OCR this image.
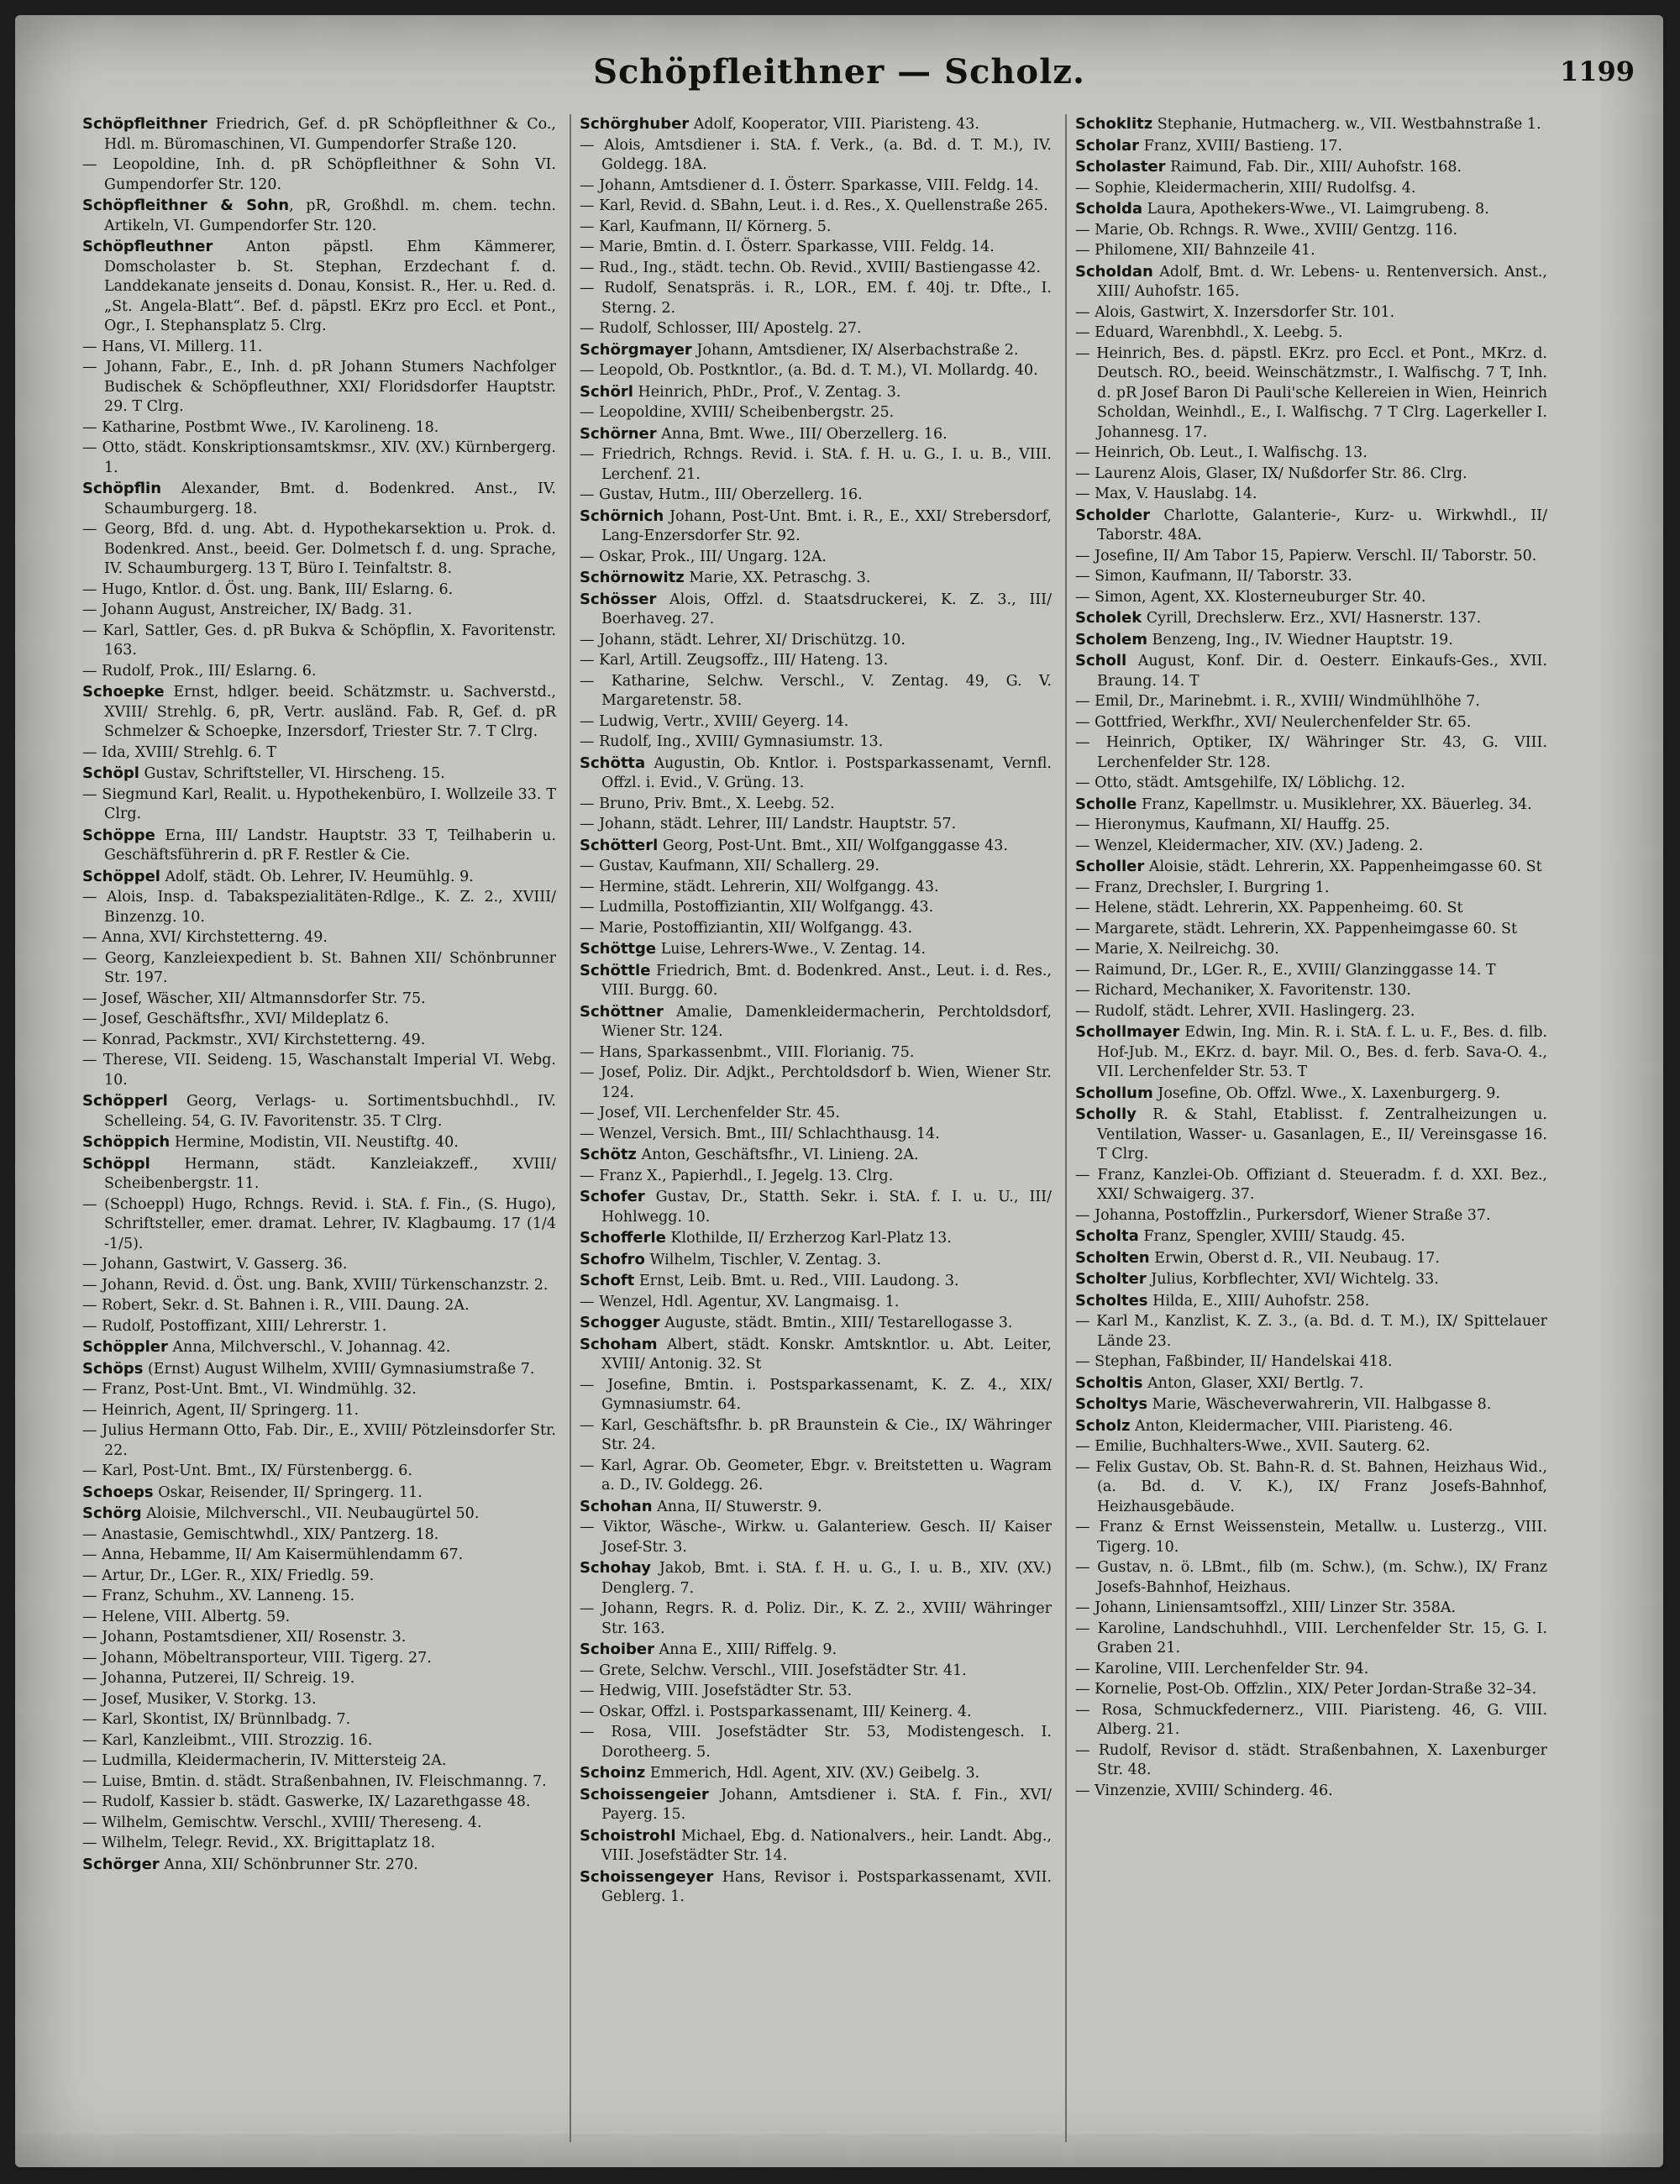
Schöpfleithner — Scholz.	1199
Schöpfleithner Friedrich, Gef. d. pR Schöpfleithner & Co., Hdl. m. Büromaschinen, VI. Gumpendorfer Straße 120.
— Leopoldine, Inh. d. pR Schöpfleithner & Sohn VI. Gumpendorfer Str. 120.
Schöpfleithner & Sohn, pR, Großhdl. m. chem. techn. Artikeln, VI. Gumpendorfer Str. 120.
Schöpfleuthner Anton päpstl. Ehm Kämmerer, Domscholaster b. St. Stephan, Erzdechant f. d. Landdekanate jenseits d. Donau, Konsist. R., Her. u. Red. d. „St. Angela-Blatt“. Bef. d. päpstl. EKrz pro Eccl. et Pont., Ogr., I. Stephansplatz 5. Clrg.
— Hans, VI. Millerg. 11.
— Johann, Fabr., E., Inh. d. pR Johann Stumers Nachfolger Budischek & Schöpfleuthner, XXI/ Floridsdorfer Hauptstr. 29. T Clrg.
— Katharine, Postbmt Wwe., IV. Karolineng. 18.
— Otto, städt. Konskriptionsamtskmsr., XIV. (XV.) Kürnbergerg. 1.
Schöpflin Alexander, Bmt. d. Bodenkred. Anst., IV. Schaumburgerg. 18.
— Georg, Bfd. d. ung. Abt. d. Hypothekarsektion u. Prok. d. Bodenkred. Anst., beeid. Ger. Dolmetsch f. d. ung. Sprache, IV. Schaumburgerg. 13 T, Büro I. Teinfaltstr. 8.
— Hugo, Kntlor. d. Öst. ung. Bank, III/ Eslarng. 6.
— Johann August, Anstreicher, IX/ Badg. 31.
— Karl, Sattler, Ges. d. pR Bukva & Schöpflin, X. Favoritenstr. 163.
— Rudolf, Prok., III/ Eslarng. 6.
Schoepke Ernst, hdlger. beeid. Schätzmstr. u. Sachverstd., XVIII/ Strehlg. 6, pR, Vertr. ausländ. Fab. R, Gef. d. pR Schmelzer & Schoepke, Inzersdorf, Triester Str. 7. T Clrg.
— Ida, XVIII/ Strehlg. 6. T
Schöpl Gustav, Schriftsteller, VI. Hirscheng. 15.
— Siegmund Karl, Realit. u. Hypothekenbüro, I. Wollzeile 33. T Clrg.
Schöppe Erna, III/ Landstr. Hauptstr. 33 T, Teilhaberin u. Geschäftsführerin d. pR F. Restler & Cie.
Schöppel Adolf, städt. Ob. Lehrer, IV. Heumühlg. 9.
— Alois, Insp. d. Tabakspezialitäten-Rdlge., K. Z. 2., XVIII/ Binzenzg. 10.
— Anna, XVI/ Kirchstetterng. 49.
— Georg, Kanzleiexpedient b. St. Bahnen XII/ Schönbrunner Str. 197.
— Josef, Wäscher, XII/ Altmannsdorfer Str. 75.
— Josef, Geschäftsfhr., XVI/ Mildeplatz 6.
— Konrad, Packmstr., XVI/ Kirchstetterng. 49.
— Therese, VII. Seideng. 15, Waschanstalt Imperial VI. Webg. 10.
Schöpperl Georg, Verlags- u. Sortimentsbuchhdl., IV. Schelleing. 54, G. IV. Favoritenstr. 35. T Clrg.
Schöppich Hermine, Modistin, VII. Neustiftg. 40.
Schöppl Hermann, städt. Kanzleiakzeff., XVIII/ Scheibenbergstr. 11.
— (Schoeppl) Hugo, Rchngs. Revid. i. StA. f. Fin., (S. Hugo), Schriftsteller, emer. dramat. Lehrer, IV. Klagbaumg. 17 (1/4 -1/5).
— Johann, Gastwirt, V. Gasserg. 36.
— Johann, Revid. d. Öst. ung. Bank, XVIII/ Türkenschanzstr. 2.
— Robert, Sekr. d. St. Bahnen i. R., VIII. Daung. 2A.
— Rudolf, Postoffizant, XIII/ Lehrerstr. 1.
Schöppler Anna, Milchverschl., V. Johannag. 42.
Schöps (Ernst) August Wilhelm, XVIII/ Gymnasiumstraße 7.
— Franz, Post-Unt. Bmt., VI. Windmühlg. 32.
— Heinrich, Agent, II/ Springerg. 11.
— Julius Hermann Otto, Fab. Dir., E., XVIII/ Pötzleinsdorfer Str. 22.
— Karl, Post-Unt. Bmt., IX/ Fürstenbergg. 6.
Schoeps Oskar, Reisender, II/ Springerg. 11.
Schörg Aloisie, Milchverschl., VII. Neubaugürtel 50.
— Anastasie, Gemischtwhdl., XIX/ Pantzerg. 18.
— Anna, Hebamme, II/ Am Kaisermühlendamm 67.
— Artur, Dr., LGer. R., XIX/ Friedlg. 59.
— Franz, Schuhm., XV. Lanneng. 15.
— Helene, VIII. Albertg. 59.
— Johann, Postamtsdiener, XII/ Rosenstr. 3.
— Johann, Möbeltransporteur, VIII. Tigerg. 27.
— Johanna, Putzerei, II/ Schreig. 19.
— Josef, Musiker, V. Storkg. 13.
— Karl, Skontist, IX/ Brünnlbadg. 7.
— Karl, Kanzleibmt., VIII. Strozzig. 16.
— Ludmilla, Kleidermacherin, IV. Mittersteig 2A.
— Luise, Bmtin. d. städt. Straßenbahnen, IV. Fleischmanng. 7.
— Rudolf, Kassier b. städt. Gaswerke, IX/ Lazarethgasse 48.
— Wilhelm, Gemischtw. Verschl., XVIII/ Thereseng. 4.
— Wilhelm, Telegr. Revid., XX. Brigittaplatz 18.
Schörger Anna, XII/ Schönbrunner Str. 270.
Schörghuber Adolf, Kooperator, VIII. Piaristeng. 43.
— Alois, Amtsdiener i. StA. f. Verk., (a. Bd. d. T. M.), IV. Goldegg. 18A.
— Johann, Amtsdiener d. I. Österr. Sparkasse, VIII. Feldg. 14.
— Karl, Revid. d. SBahn, Leut. i. d. Res., X. Quellenstraße 265.
— Karl, Kaufmann, II/ Körnerg. 5.
— Marie, Bmtin. d. I. Österr. Sparkasse, VIII. Feldg. 14.
— Rud., Ing., städt. techn. Ob. Revid., XVIII/ Bastiengasse 42.
— Rudolf, Senatspräs. i. R., LOR., EM. f. 40j. tr. Dfte., I. Sterng. 2.
— Rudolf, Schlosser, III/ Apostelg. 27.
Schörgmayer Johann, Amtsdiener, IX/ Alserbachstraße 2.
— Leopold, Ob. Postkntlor., (a. Bd. d. T. M.), VI. Mollardg. 40.
Schörl Heinrich, PhDr., Prof., V. Zentag. 3.
— Leopoldine, XVIII/ Scheibenbergstr. 25.
Schörner Anna, Bmt. Wwe., III/ Oberzellerg. 16.
— Friedrich, Rchngs. Revid. i. StA. f. H. u. G., I. u. B., VIII. Lerchenf. 21.
— Gustav, Hutm., III/ Oberzellerg. 16.
Schörnich Johann, Post-Unt. Bmt. i. R., E., XXI/ Strebersdorf, Lang-Enzersdorfer Str. 92.
— Oskar, Prok., III/ Ungarg. 12A.
Schörnowitz Marie, XX. Petraschg. 3.
Schösser Alois, Offzl. d. Staatsdruckerei, K. Z. 3., III/ Boerhaveg. 27.
— Johann, städt. Lehrer, XI/ Drischützg. 10.
— Karl, Artill. Zeugsoffz., III/ Hateng. 13.
— Katharine, Selchw. Verschl., V. Zentag. 49, G. V. Margaretenstr. 58.
— Ludwig, Vertr., XVIII/ Geyerg. 14.
— Rudolf, Ing., XVIII/ Gymnasiumstr. 13.
Schötta Augustin, Ob. Kntlor. i. Postsparkassenamt, Vernfl. Offzl. i. Evid., V. Grüng. 13.
— Bruno, Priv. Bmt., X. Leebg. 52.
— Johann, städt. Lehrer, III/ Landstr. Hauptstr. 57.
Schötterl Georg, Post-Unt. Bmt., XII/ Wolfganggasse 43.
— Gustav, Kaufmann, XII/ Schallerg. 29.
— Hermine, städt. Lehrerin, XII/ Wolfgangg. 43.
— Ludmilla, Postoffiziantin, XII/ Wolfgangg. 43.
— Marie, Postoffiziantin, XII/ Wolfgangg. 43.
Schöttge Luise, Lehrers-Wwe., V. Zentag. 14.
Schöttle Friedrich, Bmt. d. Bodenkred. Anst., Leut. i. d. Res., VIII. Burgg. 60.
Schöttner Amalie, Damenkleidermacherin, Perchtoldsdorf, Wiener Str. 124.
— Hans, Sparkassenbmt., VIII. Florianig. 75.
— Josef, Poliz. Dir. Adjkt., Perchtoldsdorf b. Wien, Wiener Str. 124.
— Josef, VII. Lerchenfelder Str. 45.
— Wenzel, Versich. Bmt., III/ Schlachthausg. 14.
Schötz Anton, Geschäftsfhr., VI. Linieng. 2A.
— Franz X., Papierhdl., I. Jegelg. 13. Clrg.
Schofer Gustav, Dr., Statth. Sekr. i. StA. f. I. u. U., III/ Hohlwegg. 10.
Schofferle Klothilde, II/ Erzherzog Karl-Platz 13.
Schofro Wilhelm, Tischler, V. Zentag. 3.
Schoft Ernst, Leib. Bmt. u. Red., VIII. Laudong. 3.
— Wenzel, Hdl. Agentur, XV. Langmaisg. 1.
Schogger Auguste, städt. Bmtin., XIII/ Testarellogasse 3.
Schoham Albert, städt. Konskr. Amtskntlor. u. Abt. Leiter, XVIII/ Antonig. 32. St
— Josefine, Bmtin. i. Postsparkassenamt, K. Z. 4., XIX/ Gymnasiumstr. 64.
— Karl, Geschäftsfhr. b. pR Braunstein & Cie., IX/ Währinger Str. 24.
— Karl, Agrar. Ob. Geometer, Ebgr. v. Breitstetten u. Wagram a. D., IV. Goldegg. 26.
Schohan Anna, II/ Stuwerstr. 9.
— Viktor, Wäsche-, Wirkw. u. Galanteriew. Gesch. II/ Kaiser Josef-Str. 3.
Schohay Jakob, Bmt. i. StA. f. H. u. G., I. u. B., XIV. (XV.) Denglerg. 7.
— Johann, Regrs. R. d. Poliz. Dir., K. Z. 2., XVIII/ Währinger Str. 163.
Schoiber Anna E., XIII/ Riffelg. 9.
— Grete, Selchw. Verschl., VIII. Josefstädter Str. 41.
— Hedwig, VIII. Josefstädter Str. 53.
— Oskar, Offzl. i. Postsparkassenamt, III/ Keinerg. 4.
— Rosa, VIII. Josefstädter Str. 53, Modistengesch. I. Dorotheerg. 5.
Schoinz Emmerich, Hdl. Agent, XIV. (XV.) Geibelg. 3.
Schoissengeier Johann, Amtsdiener i. StA. f. Fin., XVI/ Payerg. 15.
Schoistrohl Michael, Ebg. d. Nationalvers., heir. Landt. Abg., VIII. Josefstädter Str. 14.
Schoissengeyer Hans, Revisor i. Postsparkassenamt, XVII. Geblerg. 1.
Schoklitz Stephanie, Hutmacherg. w., VII. Westbahnstraße 1.
Scholar Franz, XVIII/ Bastieng. 17.
Scholaster Raimund, Fab. Dir., XIII/ Auhofstr. 168.
— Sophie, Kleidermacherin, XIII/ Rudolfsg. 4.
Scholda Laura, Apothekers-Wwe., VI. Laimgrubeng. 8.
— Marie, Ob. Rchngs. R. Wwe., XVIII/ Gentzg. 116.
— Philomene, XII/ Bahnzeile 41.
Scholdan Adolf, Bmt. d. Wr. Lebens- u. Rentenversich. Anst., XIII/ Auhofstr. 165.
— Alois, Gastwirt, X. Inzersdorfer Str. 101.
— Eduard, Warenbhdl., X. Leebg. 5.
— Heinrich, Bes. d. päpstl. EKrz. pro Eccl. et Pont., MKrz. d. Deutsch. RO., beeid. Weinschätzmstr., I. Walfischg. 7 T, Inh. d. pR Josef Baron Di Pauli'sche Kellereien in Wien, Heinrich Scholdan, Weinhdl., E., I. Walfischg. 7 T Clrg. Lagerkeller I. Johannesg. 17.
— Heinrich, Ob. Leut., I. Walfischg. 13.
— Laurenz Alois, Glaser, IX/ Nußdorfer Str. 86. Clrg.
— Max, V. Hauslabg. 14.
Scholder Charlotte, Galanterie-, Kurz- u. Wirkwhdl., II/ Taborstr. 48A.
— Josefine, II/ Am Tabor 15, Papierw. Verschl. II/ Taborstr. 50.
— Simon, Kaufmann, II/ Taborstr. 33.
— Simon, Agent, XX. Klosterneuburger Str. 40.
Scholek Cyrill, Drechslerw. Erz., XVI/ Hasnerstr. 137.
Scholem Benzeng, Ing., IV. Wiedner Hauptstr. 19.
Scholl August, Konf. Dir. d. Oesterr. Einkaufs-Ges., XVII. Braung. 14. T
— Emil, Dr., Marinebmt. i. R., XVIII/ Windmühlhöhe 7.
— Gottfried, Werkfhr., XVI/ Neulerchenfelder Str. 65.
— Heinrich, Optiker, IX/ Währinger Str. 43, G. VIII. Lerchenfelder Str. 128.
— Otto, städt. Amtsgehilfe, IX/ Löblichg. 12.
Scholle Franz, Kapellmstr. u. Musiklehrer, XX. Bäuerleg. 34.
— Hieronymus, Kaufmann, XI/ Hauffg. 25.
— Wenzel, Kleidermacher, XIV. (XV.) Jadeng. 2.
Scholler Aloisie, städt. Lehrerin, XX. Pappenheimgasse 60. St
— Franz, Drechsler, I. Burgring 1.
— Helene, städt. Lehrerin, XX. Pappenheimg. 60. St
— Margarete, städt. Lehrerin, XX. Pappenheimgasse 60. St
— Marie, X. Neilreichg. 30.
— Raimund, Dr., LGer. R., E., XVIII/ Glanzinggasse 14. T
— Richard, Mechaniker, X. Favoritenstr. 130.
— Rudolf, städt. Lehrer, XVII. Haslingerg. 23.
Schollmayer Edwin, Ing. Min. R. i. StA. f. L. u. F., Bes. d. filb. Hof-Jub. M., EKrz. d. bayr. Mil. O., Bes. d. ferb. Sava-O. 4., VII. Lerchenfelder Str. 53. T
Schollum Josefine, Ob. Offzl. Wwe., X. Laxenburgerg. 9.
Scholly R. & Stahl, Etablisst. f. Zentralheizungen u. Ventilation, Wasser- u. Gasanlagen, E., II/ Vereinsgasse 16. T Clrg.
— Franz, Kanzlei-Ob. Offiziant d. Steueradm. f. d. XXI. Bez., XXI/ Schwaigerg. 37.
— Johanna, Postoffzlin., Purkersdorf, Wiener Straße 37.
Scholta Franz, Spengler, XVIII/ Staudg. 45.
Scholten Erwin, Oberst d. R., VII. Neubaug. 17.
Scholter Julius, Korbflechter, XVI/ Wichtelg. 33.
Scholtes Hilda, E., XIII/ Auhofstr. 258.
— Karl M., Kanzlist, K. Z. 3., (a. Bd. d. T. M.), IX/ Spittelauer Lände 23.
— Stephan, Faßbinder, II/ Handelskai 418.
Scholtis Anton, Glaser, XXI/ Bertlg. 7.
Scholtys Marie, Wäscheverwahrerin, VII. Halbgasse 8.
Scholz Anton, Kleidermacher, VIII. Piaristeng. 46.
— Emilie, Buchhalters-Wwe., XVII. Sauterg. 62.
— Felix Gustav, Ob. St. Bahn-R. d. St. Bahnen, Heizhaus Wid., (a. Bd. d. V. K.), IX/ Franz Josefs-Bahnhof, Heizhausgebäude.
— Franz & Ernst Weissenstein, Metallw. u. Lusterzg., VIII. Tigerg. 10.
— Gustav, n. ö. LBmt., filb (m. Schw.), (m. Schw.), IX/ Franz Josefs-Bahnhof, Heizhaus.
— Johann, Liniensamtsoffzl., XIII/ Linzer Str. 358A.
— Karoline, Landschuhhdl., VIII. Lerchenfelder Str. 15, G. I. Graben 21.
— Karoline, VIII. Lerchenfelder Str. 94.
— Kornelie, Post-Ob. Offzlin., XIX/ Peter Jordan-Straße 32–34.
— Rosa, Schmuckfedernerz., VIII. Piaristeng. 46, G. VIII. Alberg. 21.
— Rudolf, Revisor d. städt. Straßenbahnen, X. Laxenburger Str. 48.
— Vinzenzie, XVIII/ Schinderg. 46.
